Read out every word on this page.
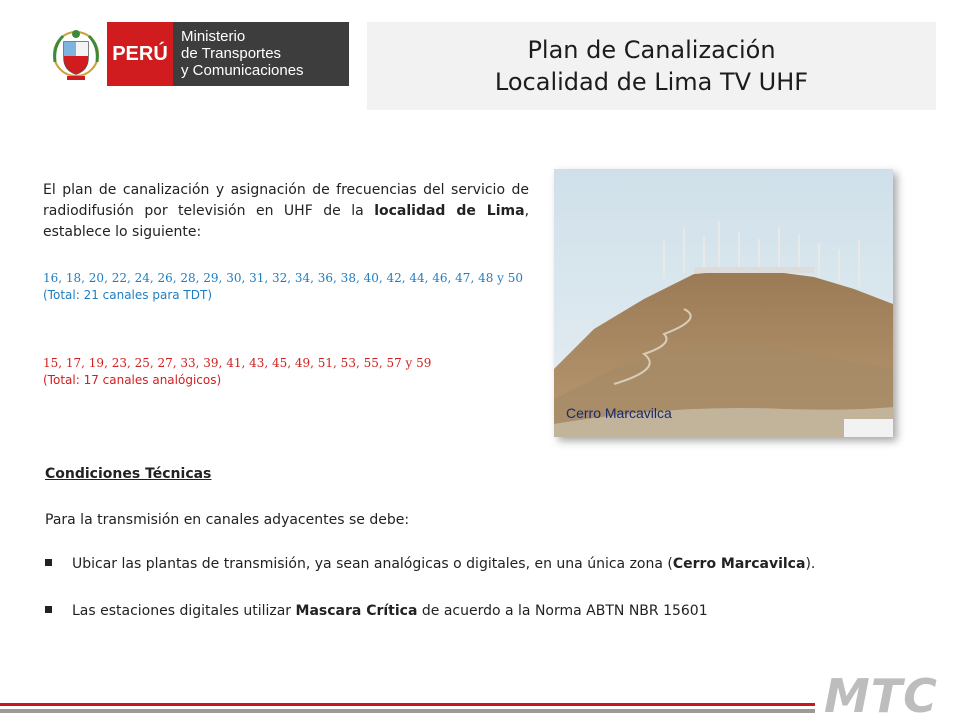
PERÚ
Ministerio
de Transportes
y Comunicaciones
Plan de Canalización
Localidad de Lima TV UHF
El plan de canalización y asignación de frecuencias del servicio de radiodifusión por televisión en UHF de la localidad de Lima, establece lo siguiente:
16, 18, 20, 22, 24, 26, 28, 29, 30, 31, 32, 34, 36, 38, 40, 42, 44, 46, 47, 48 y 50
(Total: 21 canales para TDT)
15, 17, 19, 23, 25, 27, 33, 39, 41, 43, 45, 49, 51, 53, 55, 57 y 59
(Total: 17 canales analógicos)
Cerro Marcavilca
Condiciones Técnicas
Para la transmisión en canales adyacentes se debe:
Ubicar las plantas de transmisión, ya sean analógicas o digitales, en una única zona (Cerro Marcavilca).
Las estaciones digitales utilizar Mascara Crítica de acuerdo a la Norma ABTN NBR 15601
MTC
